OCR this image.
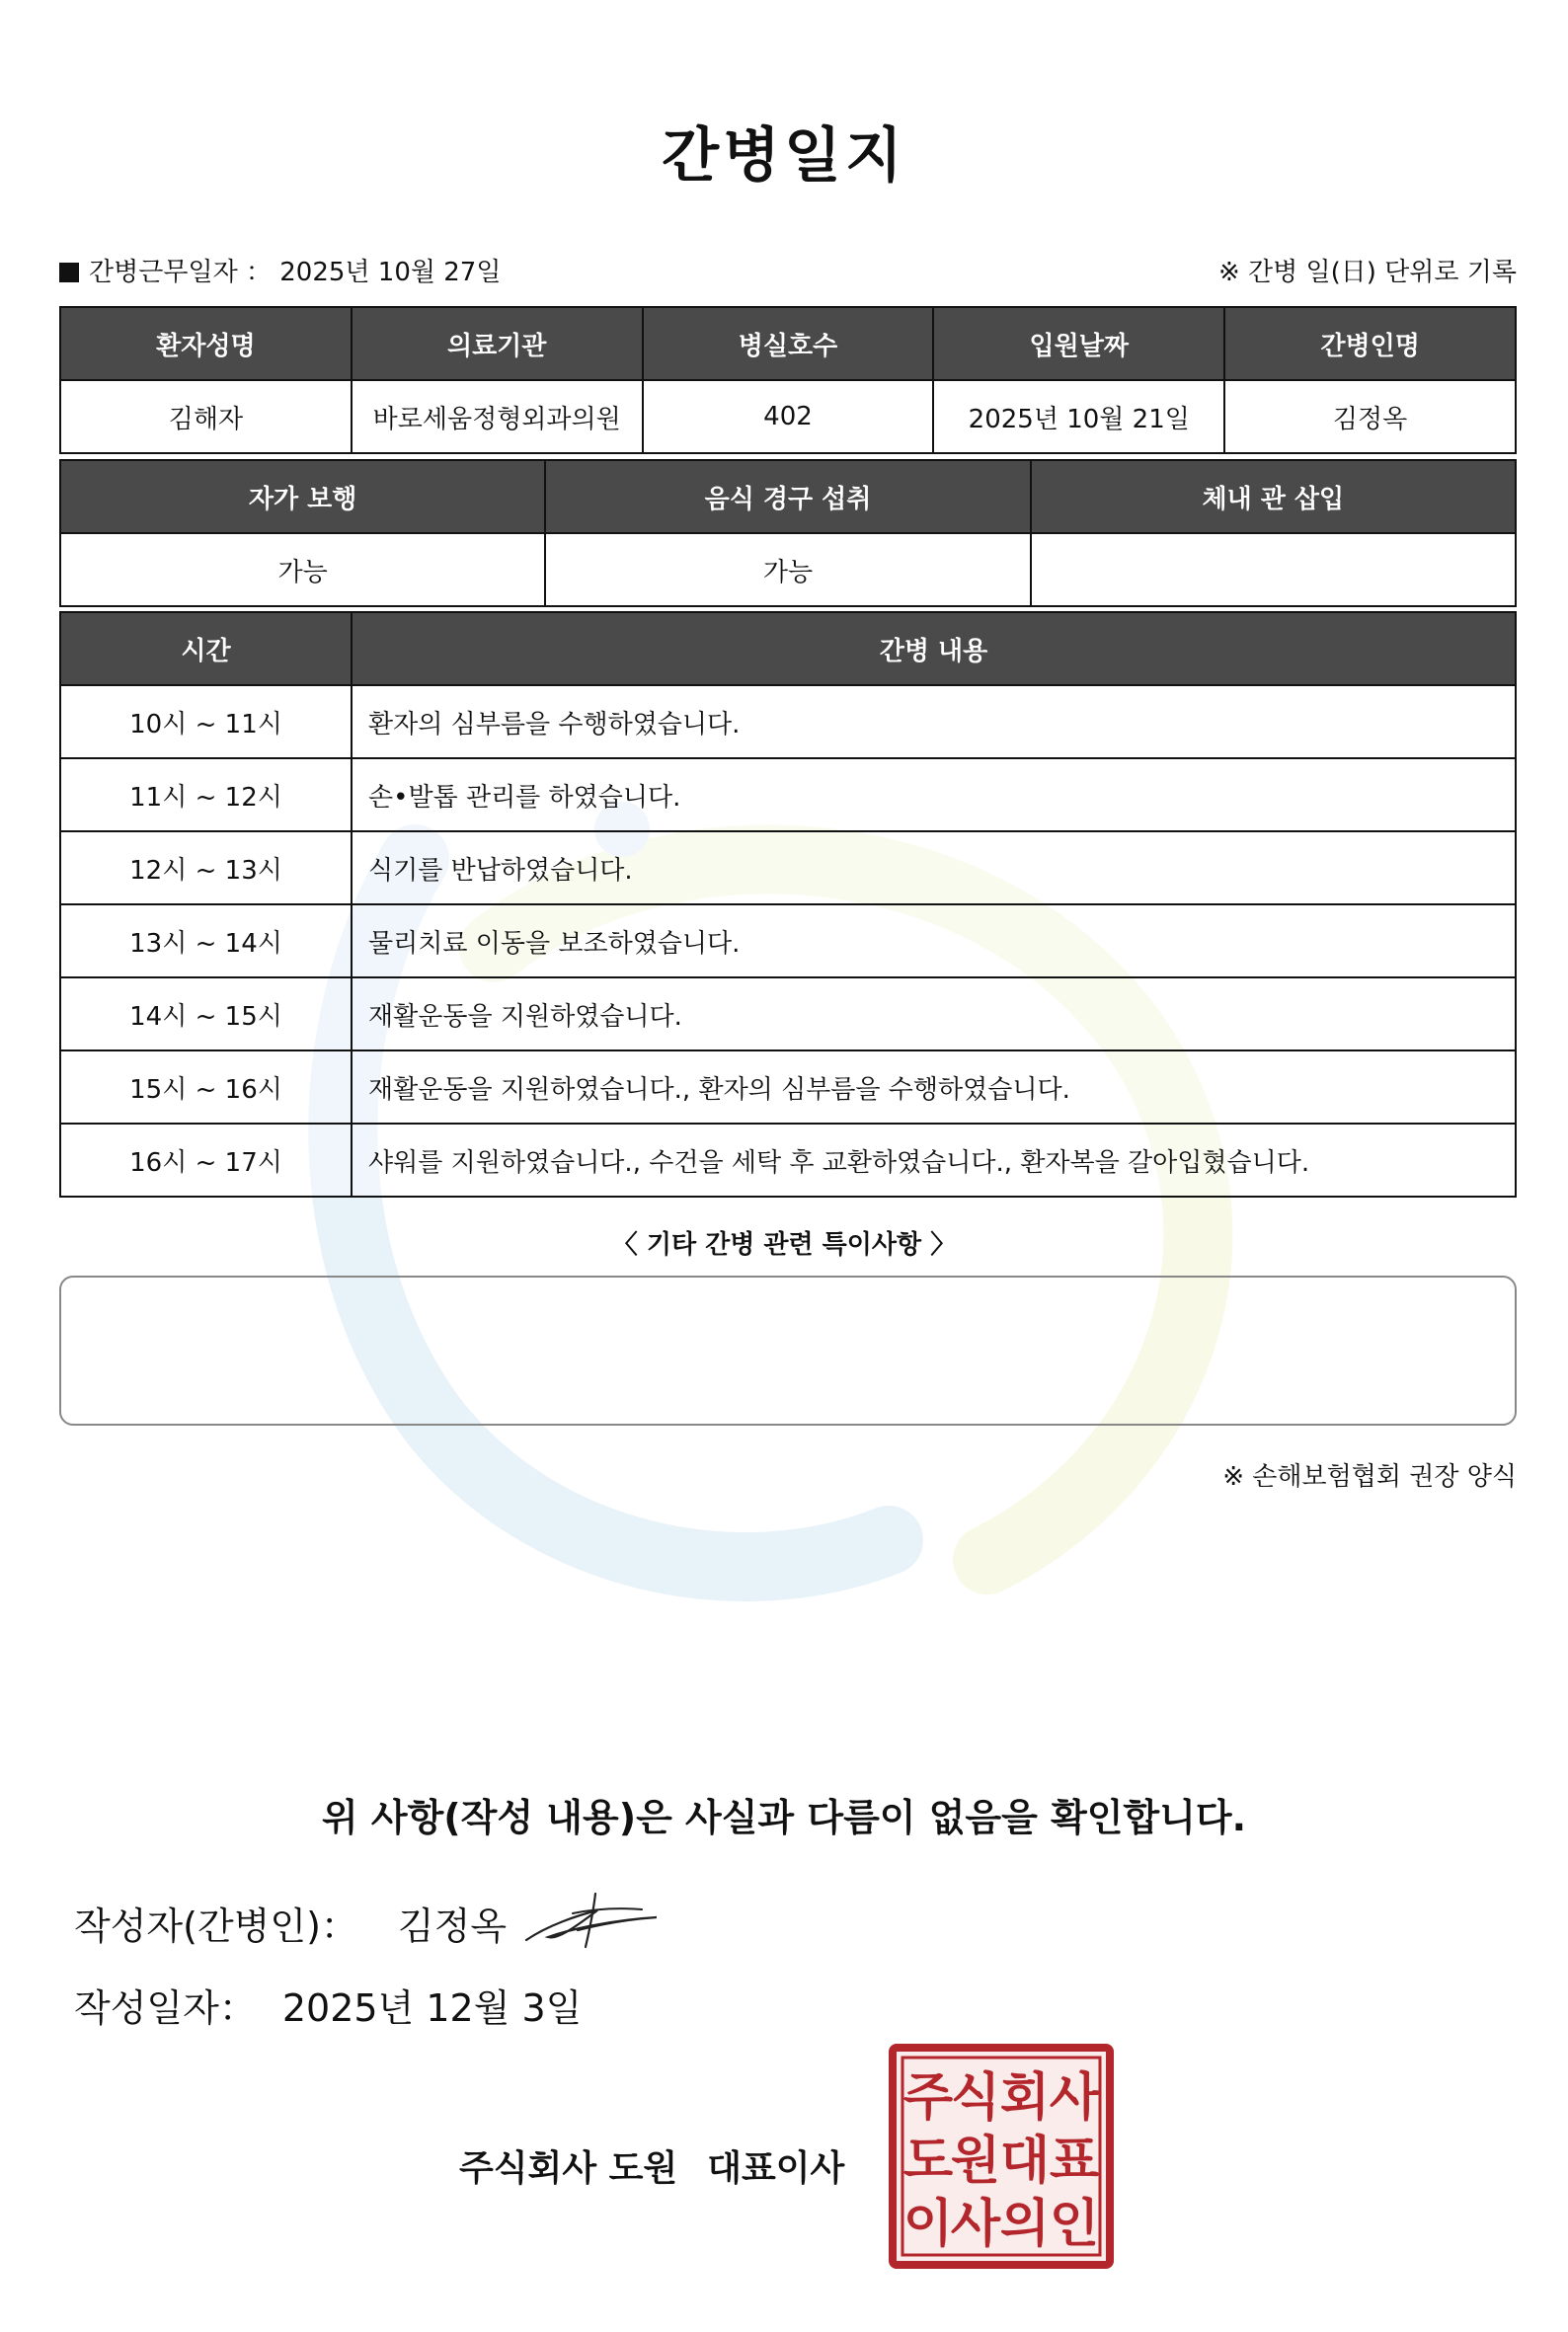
간병일지
간병근무일자 ： 2025년 10월 27일	※ 간병 일(日) 단위로 기록
환자성명	의료기관	병실호수	입원날짜	간병인명
김해자	바로세움정형외과의원	402	2025년 10월 21일	김정옥
자가 보행	음식 경구 섭취	체내 관 삽입
가능	가능	
시간	간병 내용
10시 ~ 11시	환자의 심부름을 수행하였습니다.
11시 ~ 12시	손•발톱 관리를 하였습니다.
12시 ~ 13시	식기를 반납하였습니다.
13시 ~ 14시	물리치료 이동을 보조하였습니다.
14시 ~ 15시	재활운동을 지원하였습니다.
15시 ~ 16시	재활운동을 지원하였습니다., 환자의 심부름을 수행하였습니다.
16시 ~ 17시	샤워를 지원하였습니다., 수건을 세탁 후 교환하였습니다., 환자복을 갈아입혔습니다.
〈 기타 간병 관련 특이사항 〉
※ 손해보험협회 권장 양식
위 사항(작성 내용)은 사실과 다름이 없음을 확인합니다.
작성자(간병인)： 김정옥
작성일자： 2025년 12월 3일
주식회사 도원 대표이사
주
식 회 사
도
원 대 표
이
사 의 인
